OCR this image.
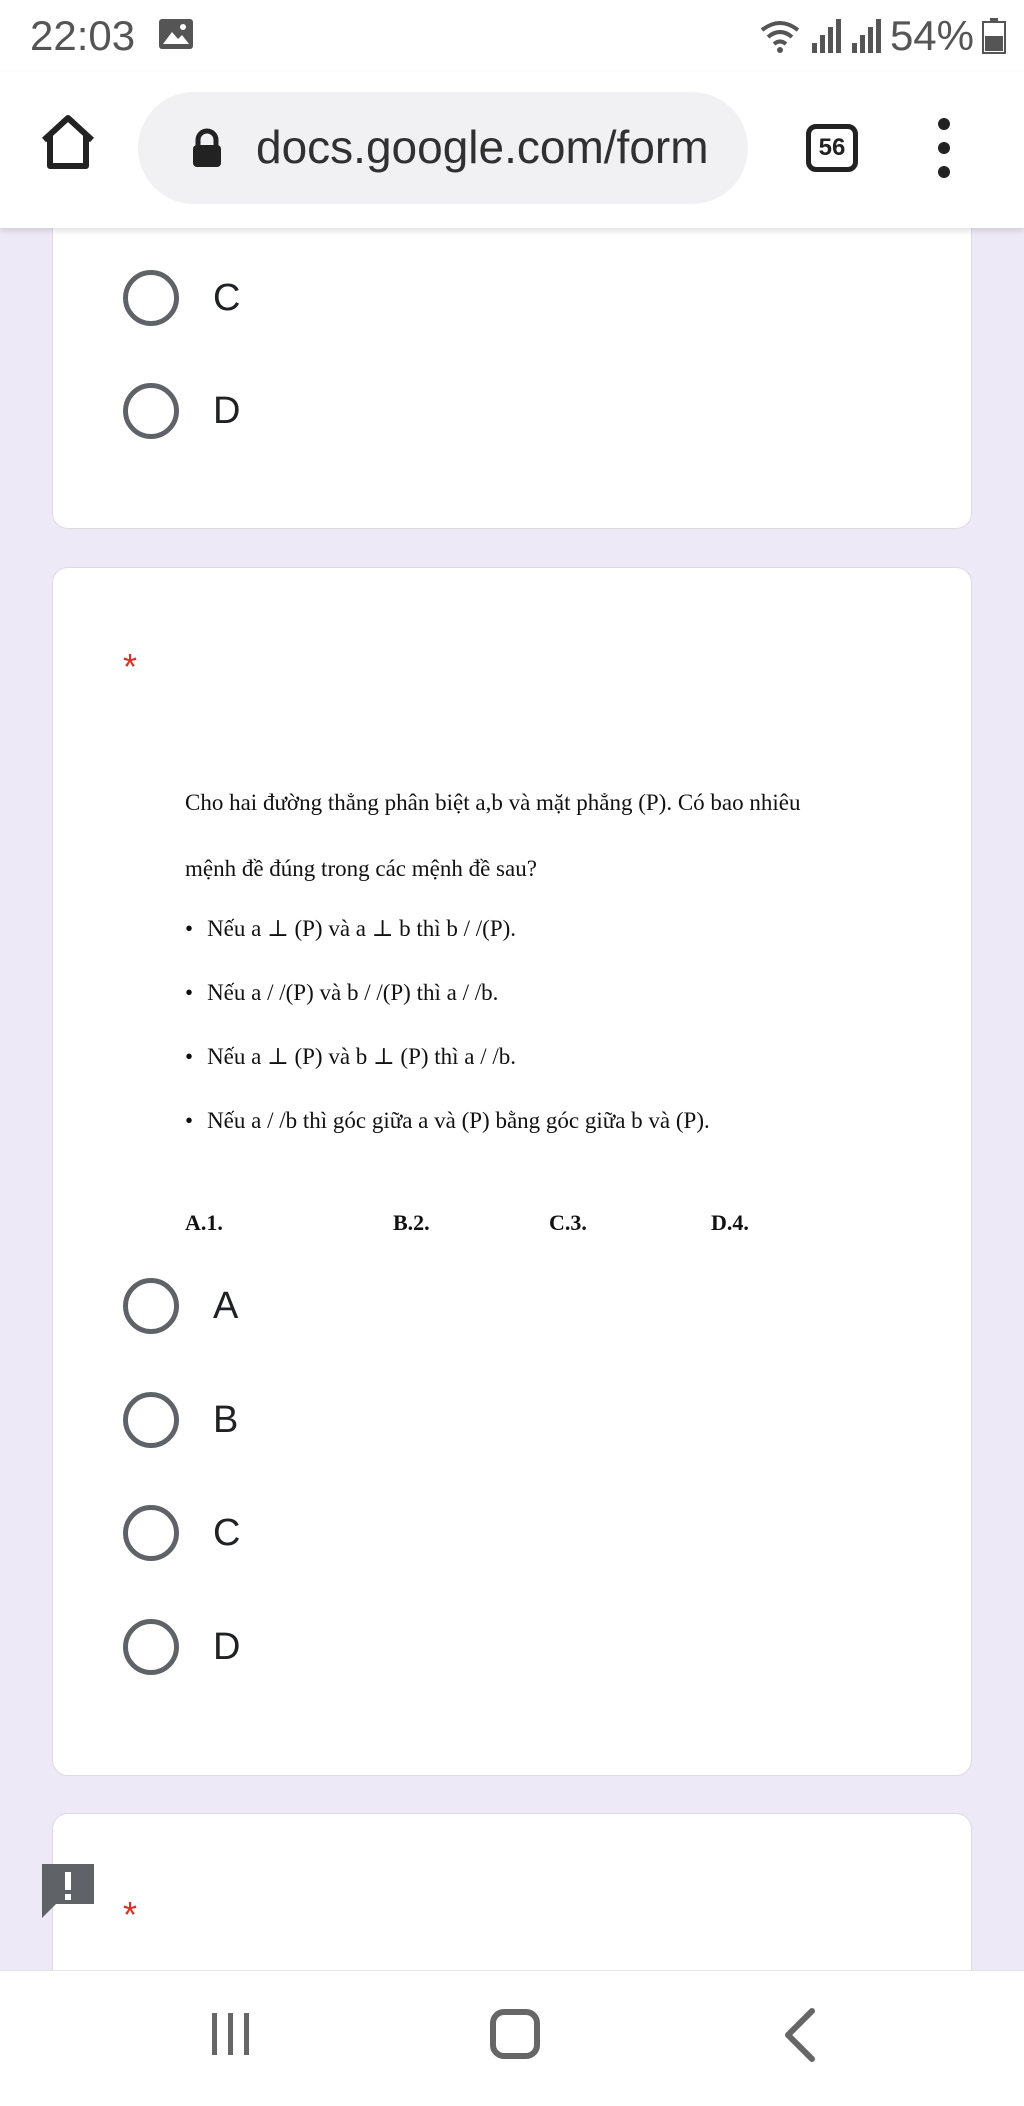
22:03	54%
docs.google.com/form	56
C
D
*
Cho hai đường thẳng phân biệt a,b và mặt phẳng (P). Có bao nhiêu
mệnh đề đúng trong các mệnh đề sau?
• Nếu a ⊥ (P) và a ⊥ b thì b / /(P).
• Nếu a / /(P) và b / /(P) thì a / /b.
• Nếu a ⊥ (P) và b ⊥ (P) thì a / /b.
• Nếu a / /b thì góc giữa a và (P) bằng góc giữa b và (P).
A.1.	B.2.	C.3.	D.4.
A
B
C
D
*
